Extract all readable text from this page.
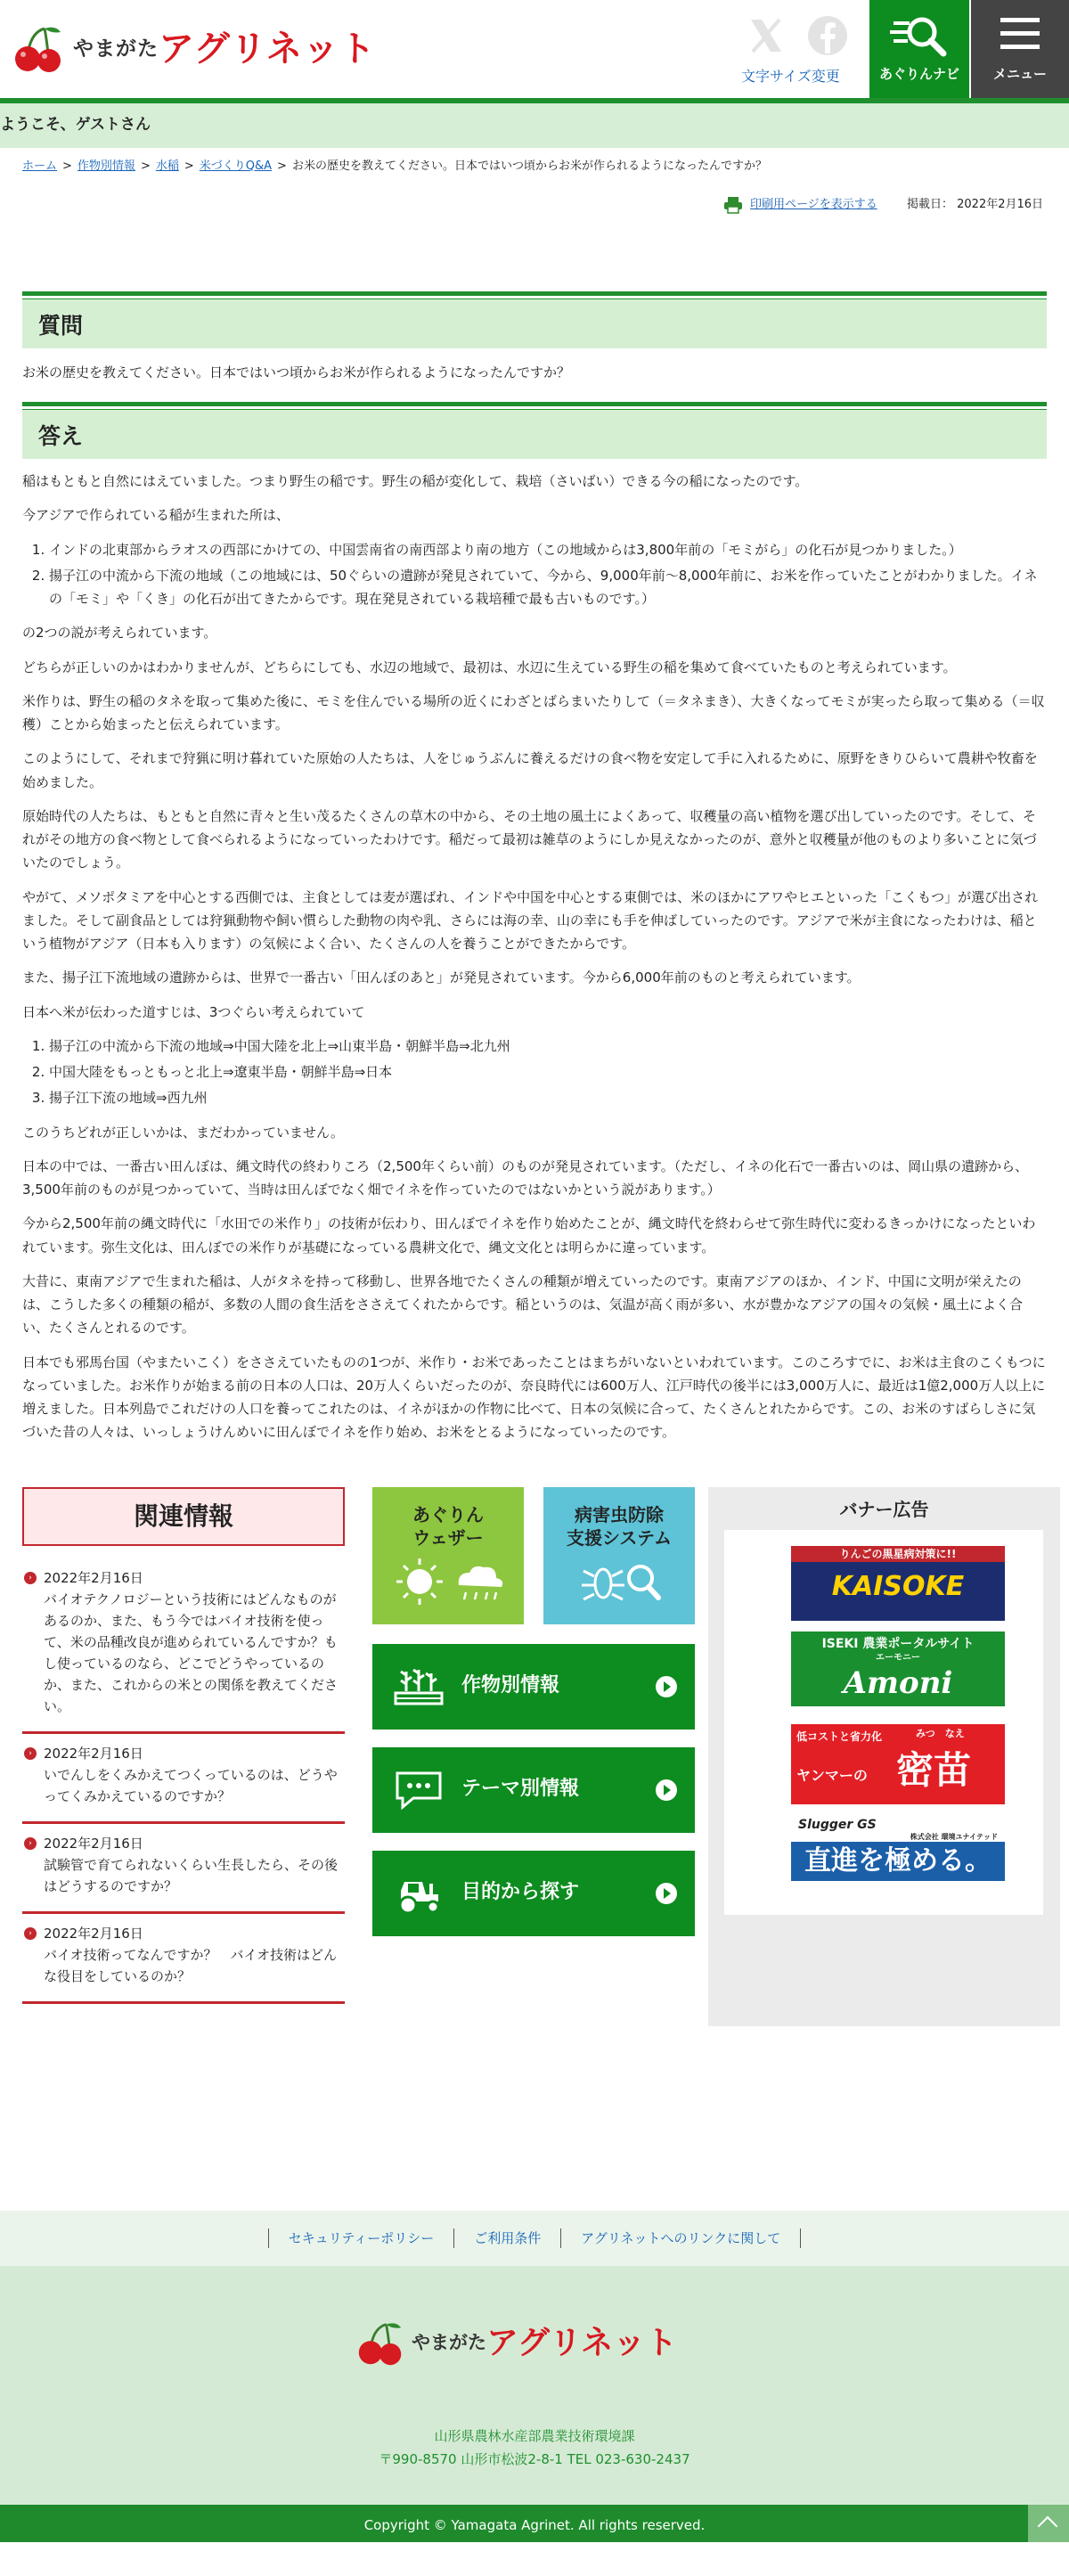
やまがた アグリネット
文字サイズ変更	あぐりんナビ	メニュー
ようこそ、ゲストさん
ホーム > 作物別情報 > 水稲 > 米づくりQ&A > お米の歴史を教えてください。日本ではいつ頃からお米が作られるようになったんですか？
印刷用ページを表示する	掲載日： 2022年2月16日
質問

お米の歴史を教えてください。日本ではいつ頃からお米が作られるようになったんですか？

答え

稲はもともと自然にはえていました。つまり野生の稲です。野生の稲が変化して、栽培（さいばい）できる今の稲になったのです。

今アジアで作られている稲が生まれた所は、

1. インドの北東部からラオスの西部にかけての、中国雲南省の南西部より南の地方（この地域からは3,800年前の「モミがら」の化石が見つかりました。）
2. 揚子江の中流から下流の地域（この地域には、50ぐらいの遺跡が発見されていて、今から、9,000年前～8,000年前に、お米を作っていたことがわかりました。イネの「モミ」や「くき」の化石が出てきたからです。現在発見されている栽培種で最も古いものです。）

の2つの説が考えられています。

どちらが正しいのかはわかりませんが、どちらにしても、水辺の地域で、最初は、水辺に生えている野生の稲を集めて食べていたものと考えられています。

米作りは、野生の稲のタネを取って集めた後に、モミを住んでいる場所の近くにわざとばらまいたりして（＝タネまき）、大きくなってモミが実ったら取って集める（＝収穫）ことから始まったと伝えられています。

このようにして、それまで狩猟に明け暮れていた原始の人たちは、人をじゅうぶんに養えるだけの食べ物を安定して手に入れるために、原野をきりひらいて農耕や牧畜を始めました。

原始時代の人たちは、もともと自然に青々と生い茂るたくさんの草木の中から、その土地の風土によくあって、収穫量の高い植物を選び出していったのです。そして、それがその地方の食べ物として食べられるようになっていったわけです。稲だって最初は雑草のようにしか見えなかったのが、意外と収穫量が他のものより多いことに気づいたのでしょう。

やがて、メソポタミアを中心とする西側では、主食としては麦が選ばれ、インドや中国を中心とする東側では、米のほかにアワやヒエといった「こくもつ」が選び出されました。そして副食品としては狩猟動物や飼い慣らした動物の肉や乳、さらには海の幸、山の幸にも手を伸ばしていったのです。アジアで米が主食になったわけは、稲という植物がアジア（日本も入ります）の気候によく合い、たくさんの人を養うことができたからです。

また、揚子江下流地域の遺跡からは、世界で一番古い「田んぼのあと」が発見されています。今から6,000年前のものと考えられています。

日本へ米が伝わった道すじは、3つぐらい考えられていて

1. 揚子江の中流から下流の地域⇒中国大陸を北上⇒山東半島・朝鮮半島⇒北九州
2. 中国大陸をもっともっと北上⇒遼東半島・朝鮮半島⇒日本
3. 揚子江下流の地域⇒西九州

このうちどれが正しいかは、まだわかっていません。

日本の中では、一番古い田んぼは、縄文時代の終わりころ（2,500年くらい前）のものが発見されています。（ただし、イネの化石で一番古いのは、岡山県の遺跡から、3,500年前のものが見つかっていて、当時は田んぼでなく畑でイネを作っていたのではないかという説があります。）

今から2,500年前の縄文時代に「水田での米作り」の技術が伝わり、田んぼでイネを作り始めたことが、縄文時代を終わらせて弥生時代に変わるきっかけになったといわれています。弥生文化は、田んぼでの米作りが基礎になっている農耕文化で、縄文文化とは明らかに違っています。

大昔に、東南アジアで生まれた稲は、人がタネを持って移動し、世界各地でたくさんの種類が増えていったのです。東南アジアのほか、インド、中国に文明が栄えたのは、こうした多くの種類の稲が、多数の人間の食生活をささえてくれたからです。稲というのは、気温が高く雨が多い、水が豊かなアジアの国々の気候・風土によく合い、たくさんとれるのです。

日本でも邪馬台国（やまたいこく）をささえていたものの1つが、米作り・お米であったことはまちがいないといわれています。このころすでに、お米は主食のこくもつになっていました。お米作りが始まる前の日本の人口は、20万人くらいだったのが、奈良時代には600万人、江戸時代の後半には3,000万人に、最近は1億2,000万人以上に増えました。日本列島でこれだけの人口を養ってこれたのは、イネがほかの作物に比べて、日本の気候に合って、たくさんとれたからです。この、お米のすばらしさに気づいた昔の人々は、いっしょうけんめいに田んぼでイネを作り始め、お米をとるようになっていったのです。

関連情報
› 2022年2月16日
バイオテクノロジーという技術にはどんなものがあるのか、また、もう今ではバイオ技術を使って、米の品種改良が進められているんですか？もし使っているのなら、どこでどうやっているのか、また、これからの米との関係を教えてください。
› 2022年2月16日
いでんしをくみかえてつくっているのは、どうやってくみかえているのですか？
› 2022年2月16日
試験管で育てられないくらい生長したら、その後はどうするのですか？
› 2022年2月16日
バイオ技術ってなんですか？　バイオ技術はどんな役目をしているのか？
あぐりん
ウェザー
病害虫防除
支援システム
作物別情報
テーマ別情報
目的から探す
バナー広告
りんごの黒星病対策に!!
KAISOKE
ISEKI 農業ポータルサイト
エーモニー
Amoni
低コストと省力化
ヤンマーの
みつ　なえ
密苗
Slugger GS
株式会社 環境ユナイテッド
直進を極める。
セキュリティーポリシー	ご利用条件	アグリネットへのリンクに関して
やまがた アグリネット
山形県農林水産部農業技術環境課
〒990-8570 山形市松波2-8-1 TEL 023-630-2437
Copyright © Yamagata Agrinet. All rights reserved.
